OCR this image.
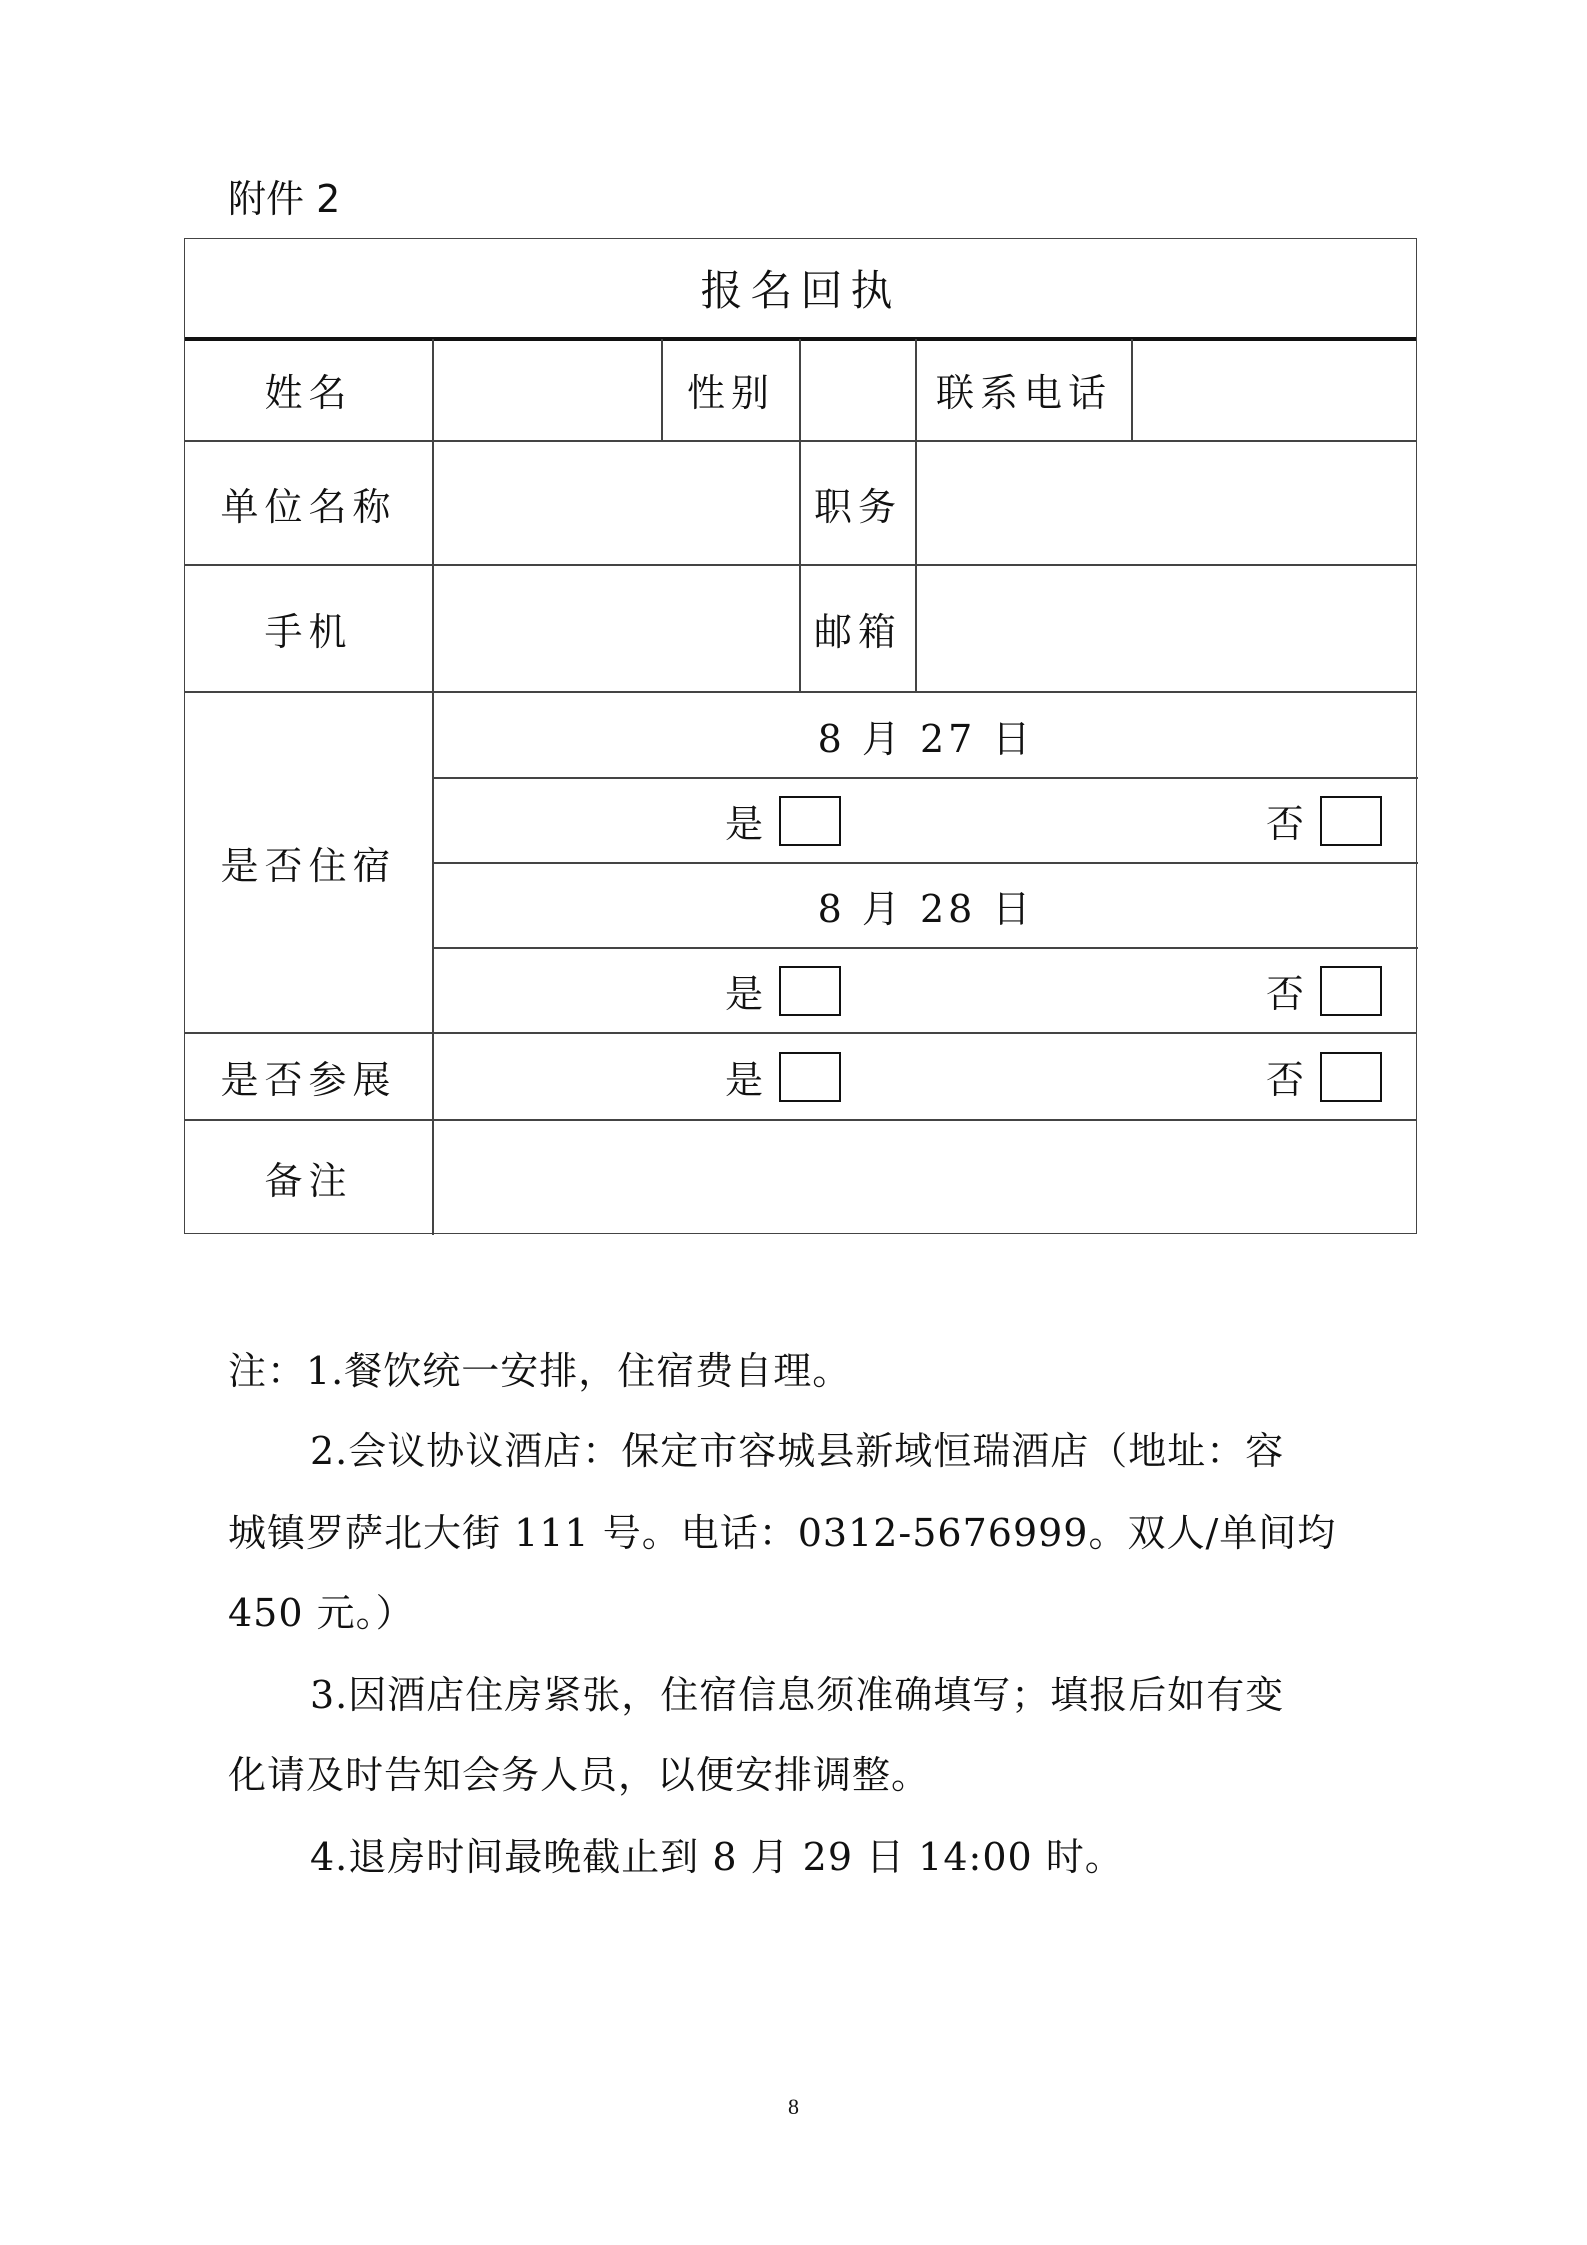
附件 2
报名回执
姓名	性别	联系电话
单位名称	职务
手机	邮箱
是否住宿
8 月 27 日
是	否
8 月 28 日
是	否
是否参展	是	否
备注
注：1.餐饮统一安排，住宿费自理。
2.会议协议酒店：保定市容城县新域恒瑞酒店（地址：容
城镇罗萨北大街 111 号。电话：0312-5676999。双人/单间均
450 元。）
3.因酒店住房紧张，住宿信息须准确填写；填报后如有变
化请及时告知会务人员，以便安排调整。
4.退房时间最晚截止到 8 月 29 日 14:00 时。
8
